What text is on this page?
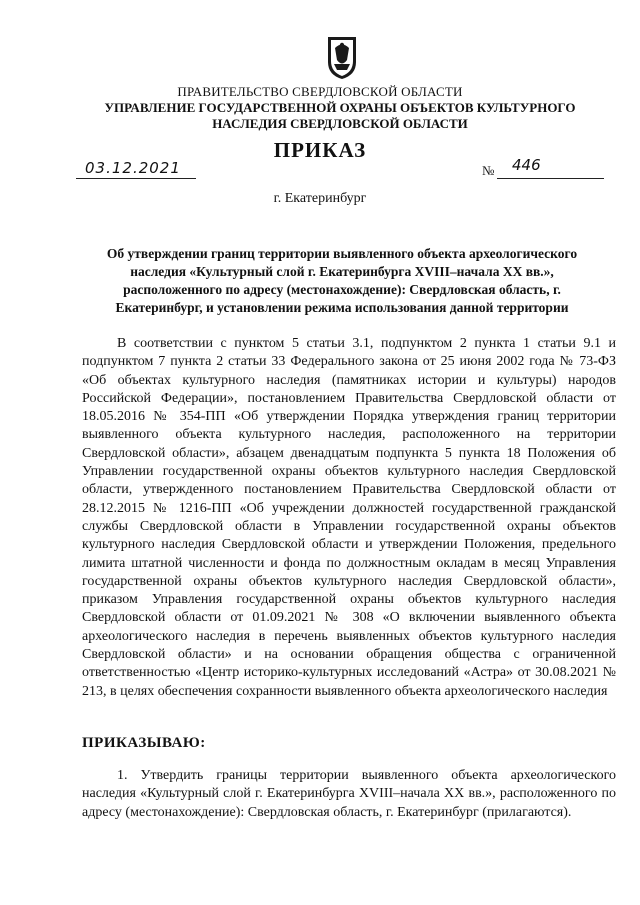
ПРАВИТЕЛЬСТВО СВЕРДЛОВСКОЙ ОБЛАСТИ
УПРАВЛЕНИЕ ГОСУДАРСТВЕННОЙ ОХРАНЫ ОБЪЕКТОВ КУЛЬТУРНОГО НАСЛЕДИЯ СВЕРДЛОВСКОЙ ОБЛАСТИ
ПРИКАЗ
03.12.2021	№ 446
г. Екатеринбург
Об утверждении границ территории выявленного объекта археологического наследия «Культурный слой г. Екатеринбурга XVIII–начала XX вв.», расположенного по адресу (местонахождение): Свердловская область, г. Екатеринбург, и установлении режима использования данной территории

В соответствии с пунктом 5 статьи 3.1, подпунктом 2 пункта 1 статьи 9.1 и подпунктом 7 пункта 2 статьи 33 Федерального закона от 25 июня 2002 года № 73-ФЗ «Об объектах культурного наследия (памятниках истории и культуры) народов Российской Федерации», постановлением Правительства Свердловской области от 18.05.2016 № 354-ПП «Об утверждении Порядка утверждения границ территории выявленного объекта культурного наследия, расположенного на территории Свердловской области», абзацем двенадцатым подпункта 5 пункта 18 Положения об Управлении государственной охраны объектов культурного наследия Свердловской области, утвержденного постановлением Правительства Свердловской области от 28.12.2015 № 1216-ПП «Об учреждении должностей государственной гражданской службы Свердловской области в Управлении государственной охраны объектов культурного наследия Свердловской области и утверждении Положения, предельного лимита штатной численности и фонда по должностным окладам в месяц Управления государственной охраны объектов культурного наследия Свердловской области», приказом Управления государственной охраны объектов культурного наследия Свердловской области от 01.09.2021 № 308 «О включении выявленного объекта археологического наследия в перечень выявленных объектов культурного наследия Свердловской области» и на основании обращения общества с ограниченной ответственностью «Центр историко-культурных исследований «Астра» от 30.08.2021 № 213, в целях обеспечения сохранности выявленного объекта археологического наследия

ПРИКАЗЫВАЮ:

1. Утвердить границы территории выявленного объекта археологического наследия «Культурный слой г. Екатеринбурга XVIII–начала XX вв.», расположенного по адресу (местонахождение): Свердловская область, г. Екатеринбург (прилагаются).
